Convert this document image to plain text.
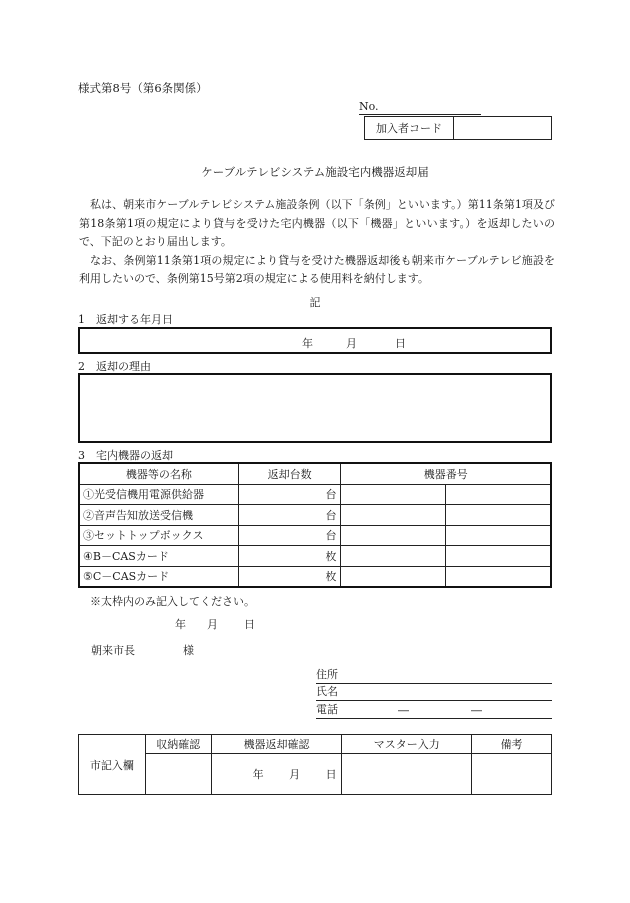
様式第8号（第6条関係）
No.
加入者コード
ケーブルテレビシステム施設宅内機器返却届

私は、朝来市ケーブルテレビシステム施設条例（以下「条例」といいます。）第11条第1項及び第18条第1項の規定により貸与を受けた宅内機器（以下「機器」といいます。）を返却したいので、下記のとおり届出します。

なお、条例第11条第1項の規定により貸与を受けた機器返却後も朝来市ケーブルテレビ施設を利用したいので、条例第15号第2項の規定による使用料を納付します。

記
1　返却する年月日
年	月	日
2　返却の理由
3　宅内機器の返却
機器等の名称	返却台数	機器番号	
①光受信機用電源供給器	台		
②音声告知放送受信機	台		
③セットトップボックス	台		
④B－CASカード	枚		
⑤C－CASカード	枚		
※太枠内のみ記入してください。
年 月 日
朝来市長	様
住所
氏名
電話	―	―
市記入欄	収納確認	機器返却確認	マスター入力	備考
		年 月 日		
